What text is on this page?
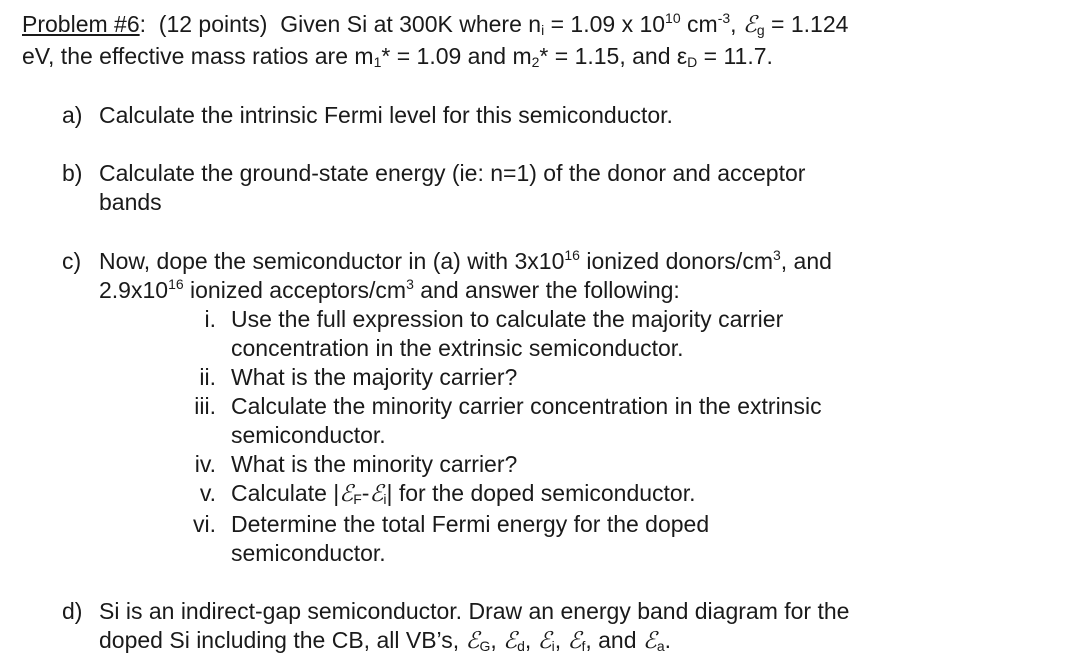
Problem #6:  (12 points) Given Si at 300K where $n_i = 1.09$ x $10^{10}$ $cm^{-3}$, ℰ$_g$ = 1.124
eV, the effective mass ratios are $m_1* = 1.09$ and $m_2* = 1.15$, and $\varepsilon_D = 11.7$.
a) Calculate the intrinsic Fermi level for this semiconductor.
b) Calculate the ground-state energy (ie: n=1) of the donor and acceptor
bands
c) Now, dope the semiconductor in (a) with $3x10^{16}$ ionized donors/$cm^3$, and
$2.9x10^{16}$ ionized acceptors/$cm^3$ and answer the following:
i. Use the full expression to calculate the majority carrier
concentration in the extrinsic semiconductor.
ii. What is the majority carrier?
iii. Calculate the minority carrier concentration in the extrinsic
semiconductor.
iv. What is the minority carrier?
v. Calculate |ℰ$_F$-ℰ$_i$| for the doped semiconductor.
vi. Determine the total Fermi energy for the doped
semiconductor.
d) Si is an indirect-gap semiconductor. Draw an energy band diagram for the
doped Si including the CB, all VB’s, ℰ$_G$, ℰ$_d$, ℰ$_i$, ℰ$_f$, and ℰ$_a$.
